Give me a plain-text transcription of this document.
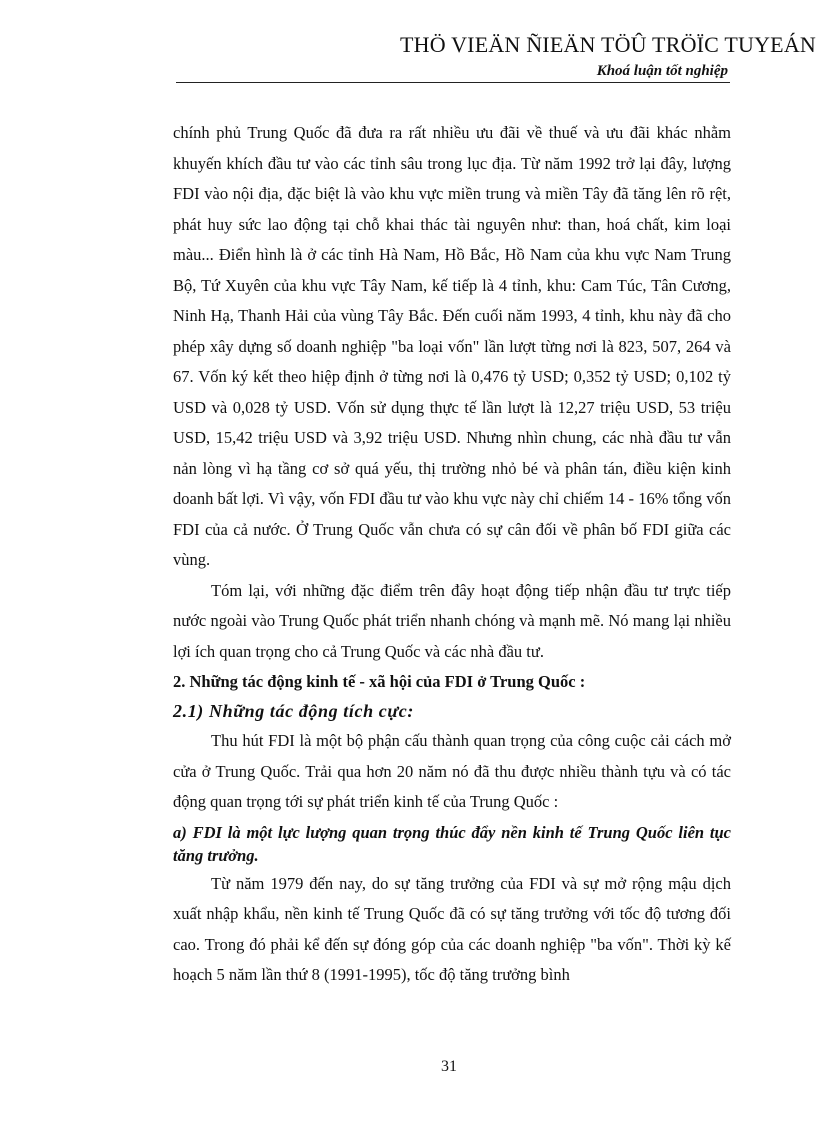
THÖ VIEÄN ÑIEÄN TÖÛ TRÖÏC TUYEÁN
Khoá luận tốt nghiệp

chính phủ Trung Quốc đã đưa ra rất nhiều ưu đãi về thuế và ưu đãi khác nhằm khuyến khích đầu tư vào các tỉnh sâu trong lục địa. Từ năm 1992 trở lại đây, lượng FDI vào nội địa, đặc biệt là vào khu vực miền trung và miền Tây đã tăng lên rõ rệt, phát huy sức lao động tại chỗ khai thác tài nguyên như: than, hoá chất, kim loại màu... Điển hình là ở các tỉnh Hà Nam, Hồ Bắc, Hồ Nam của khu vực Nam Trung Bộ, Tứ Xuyên của khu vực Tây Nam, kế tiếp là 4 tỉnh, khu: Cam Túc, Tân Cương, Ninh Hạ, Thanh Hải của vùng Tây Bắc. Đến cuối năm 1993, 4 tỉnh, khu này đã cho phép xây dựng số doanh nghiệp "ba loại vốn" lần lượt từng nơi là 823, 507, 264 và 67. Vốn ký kết theo hiệp định ở từng nơi là 0,476 tỷ USD; 0,352 tỷ USD; 0,102 tỷ USD và 0,028 tỷ USD. Vốn sử dụng thực tế lần lượt là 12,27 triệu USD, 53 triệu USD, 15,42 triệu USD và 3,92 triệu USD. Nhưng nhìn chung, các nhà đầu tư vẫn nản lòng vì hạ tầng cơ sở quá yếu, thị trường nhỏ bé và phân tán, điều kiện kinh doanh bất lợi. Vì vậy, vốn FDI đầu tư vào khu vực này chỉ chiếm 14 - 16% tổng vốn FDI của cả nước. Ở Trung Quốc vẫn chưa có sự cân đối về phân bố FDI giữa các vùng.

Tóm lại, với những đặc điểm trên đây hoạt động tiếp nhận đầu tư trực tiếp nước ngoài vào Trung Quốc phát triển nhanh chóng và mạnh mẽ. Nó mang lại nhiều lợi ích quan trọng cho cả Trung Quốc và các nhà đầu tư.

2. Những tác động kinh tế - xã hội của FDI ở Trung Quốc :

2.1) Những tác động tích cực:

Thu hút FDI là một bộ phận cấu thành quan trọng của công cuộc cải cách mở cửa ở Trung Quốc. Trải qua hơn 20 năm nó đã thu được nhiều thành tựu và có tác động quan trọng tới sự phát triển kinh tế của Trung Quốc :

a) FDI là một lực lượng quan trọng thúc đẩy nền kinh tế Trung Quốc liên tục tăng trưởng.

Từ năm 1979 đến nay, do sự tăng trưởng của FDI và sự mở rộng mậu dịch xuất nhập khẩu, nền kinh tế Trung Quốc đã có sự tăng trưởng với tốc độ tương đối cao. Trong đó phải kể đến sự đóng góp của các doanh nghiệp "ba vốn". Thời kỳ kế hoạch 5 năm lần thứ 8 (1991-1995), tốc độ tăng trưởng bình

31
